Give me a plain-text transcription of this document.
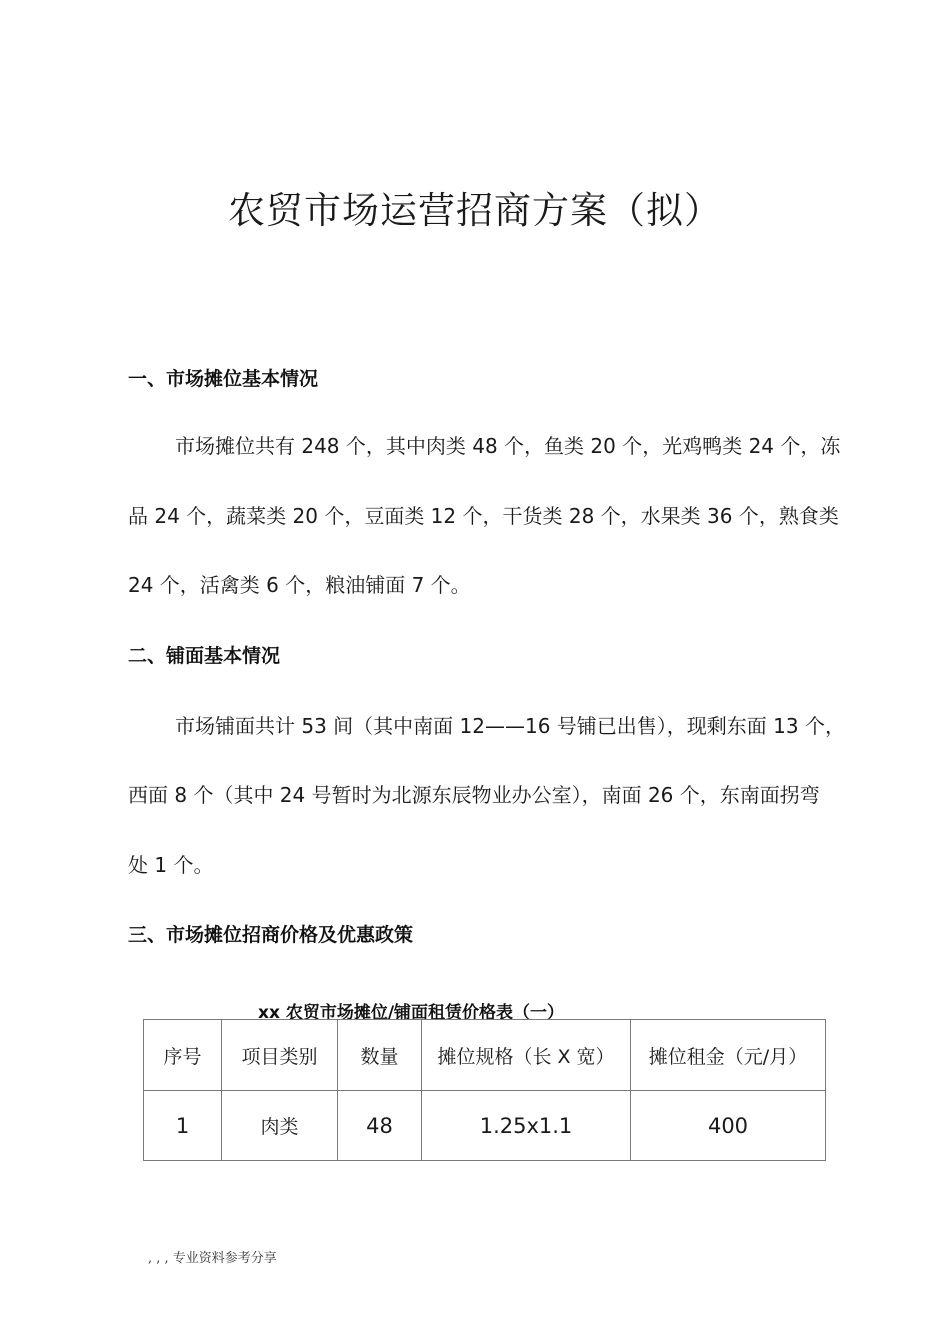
农贸市场运营招商方案（拟）
一、市场摊位基本情况
市场摊位共有 248 个，其中肉类 48 个，鱼类 20 个，光鸡鸭类 24 个，冻
品 24 个，蔬菜类 20 个，豆面类 12 个，干货类 28 个，水果类 36 个，熟食类
24 个，活禽类 6 个，粮油铺面 7 个。
二、铺面基本情况
市场铺面共计 53 间（其中南面 12——16 号铺已出售），现剩东面 13 个，
西面 8 个（其中 24 号暂时为北源东辰物业办公室），南面 26 个，东南面拐弯
处 1 个。
三、市场摊位招商价格及优惠政策
xx 农贸市场摊位/铺面租赁价格表（一）
序号	项目类别	数量	摊位规格（长 X 宽）	摊位租金（元/月）
1	肉类	48	1.25x1.1	400
, , , 专业资料参考分享
